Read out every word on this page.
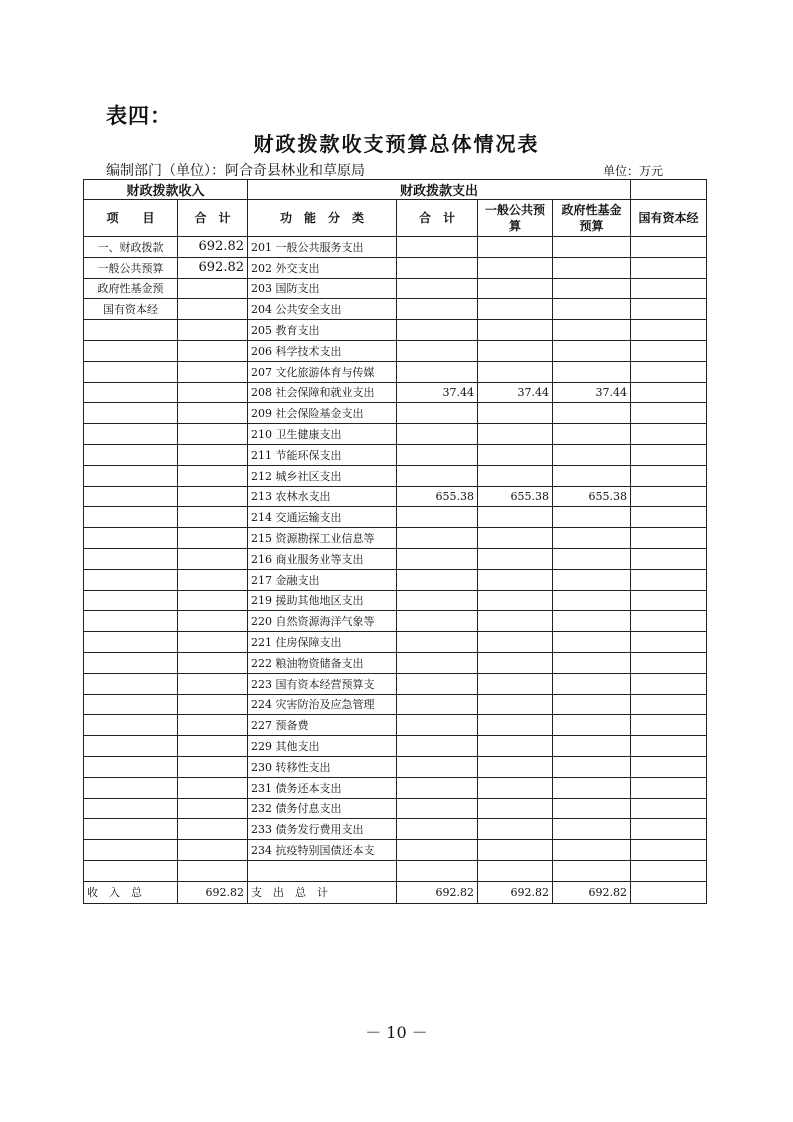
表四：
财政拨款收支预算总体情况表
编制部门（单位）：阿合奇县林业和草原局	单位：万元
财政拨款收入		财政拨款支出				
项　　目	合　计	功　能　分　类	合　计	一般公共预算	政府性基金预算	国有资本经
一、财政拨款	692.82	201 一般公共服务支出				
一般公共预算	692.82	202 外交支出				
政府性基金预		203 国防支出				
国有资本经		204 公共安全支出				
		205 教育支出				
		206 科学技术支出				
		207 文化旅游体育与传媒				
		208 社会保障和就业支出	37.44	37.44	37.44	
		209 社会保险基金支出				
		210 卫生健康支出				
		211 节能环保支出				
		212 城乡社区支出				
		213 农林水支出	655.38	655.38	655.38	
		214 交通运输支出				
		215 资源勘探工业信息等				
		216 商业服务业等支出				
		217 金融支出				
		219 援助其他地区支出				
		220 自然资源海洋气象等				
		221 住房保障支出				
		222 粮油物资储备支出				
		223 国有资本经营预算支				
		224 灾害防治及应急管理				
		227 预备费				
		229 其他支出				
		230 转移性支出				
		231 债务还本支出				
		232 债务付息支出				
		233 债务发行费用支出				
		234 抗疫特别国债还本支				

收　入　总	692.82	支　出　总　计	692.82	692.82	692.82	
－ 10 －
